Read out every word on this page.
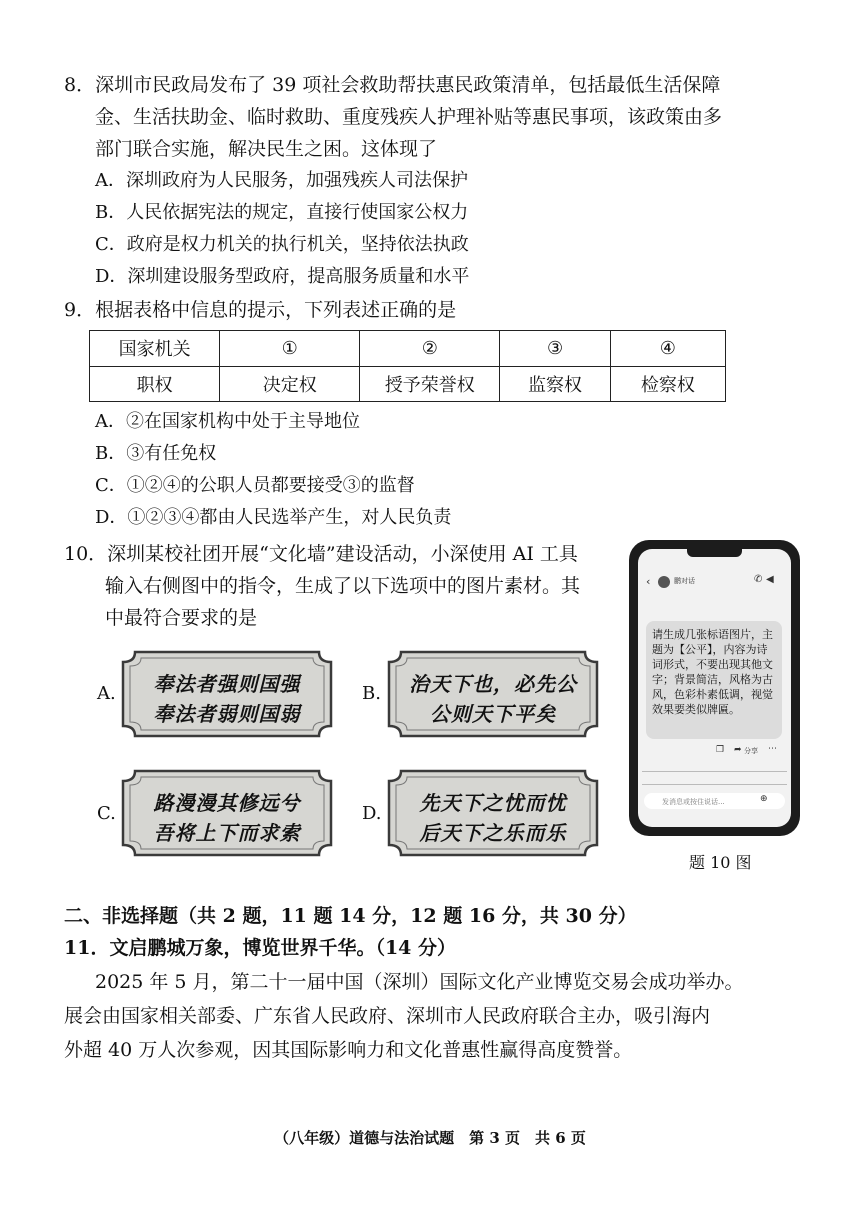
8．深圳市民政局发布了 39 项社会救助帮扶惠民政策清单，包括最低生活保障
金、生活扶助金、临时救助、重度残疾人护理补贴等惠民事项，该政策由多
部门联合实施，解决民生之困。这体现了
A．深圳政府为人民服务，加强残疾人司法保护
B．人民依据宪法的规定，直接行使国家公权力
C．政府是权力机关的执行机关，坚持依法执政
D．深圳建设服务型政府，提高服务质量和水平
9．根据表格中信息的提示，下列表述正确的是
国家机关	①	②	③	④
职权	决定权	授予荣誉权	监察权	检察权
A．②在国家机构中处于主导地位
B．③有任免权
C．①②④的公职人员都要接受③的监督
D．①②③④都由人民选举产生，对人民负责
10．深圳某校社团开展“文化墙”建设活动，小深使用 AI 工具
输入右侧图中的指令，生成了以下选项中的图片素材。其
中最符合要求的是
A.	奉法者强则国强
奉法者弱则国弱
B.	治天下也，必先公
公则天下平矣
C.	路漫漫其修远兮
吾将上下而求索
D.	先天下之忧而忧
后天下之乐而乐
‹	鹏对话	✆ ◀
请生成几张标语图片，主题为【公平】，内容为诗词形式，不要出现其他文字；背景简洁，风格为古风，色彩朴素低调，视觉效果要类似牌匾。
❐ ➦ 分享 ⋯
发消息或按住说话...	⊕
题 10 图
二、非选择题（共 2 题，11 题 14 分，12 题 16 分，共 30 分）
11．文启鹏城万象，博览世界千华。（14 分）
2025 年 5 月，第二十一届中国（深圳）国际文化产业博览交易会成功举办。
展会由国家相关部委、广东省人民政府、深圳市人民政府联合主办，吸引海内
外超 40 万人次参观，因其国际影响力和文化普惠性赢得高度赞誉。
（八年级）道德与法治试题　第 3 页　共 6 页
